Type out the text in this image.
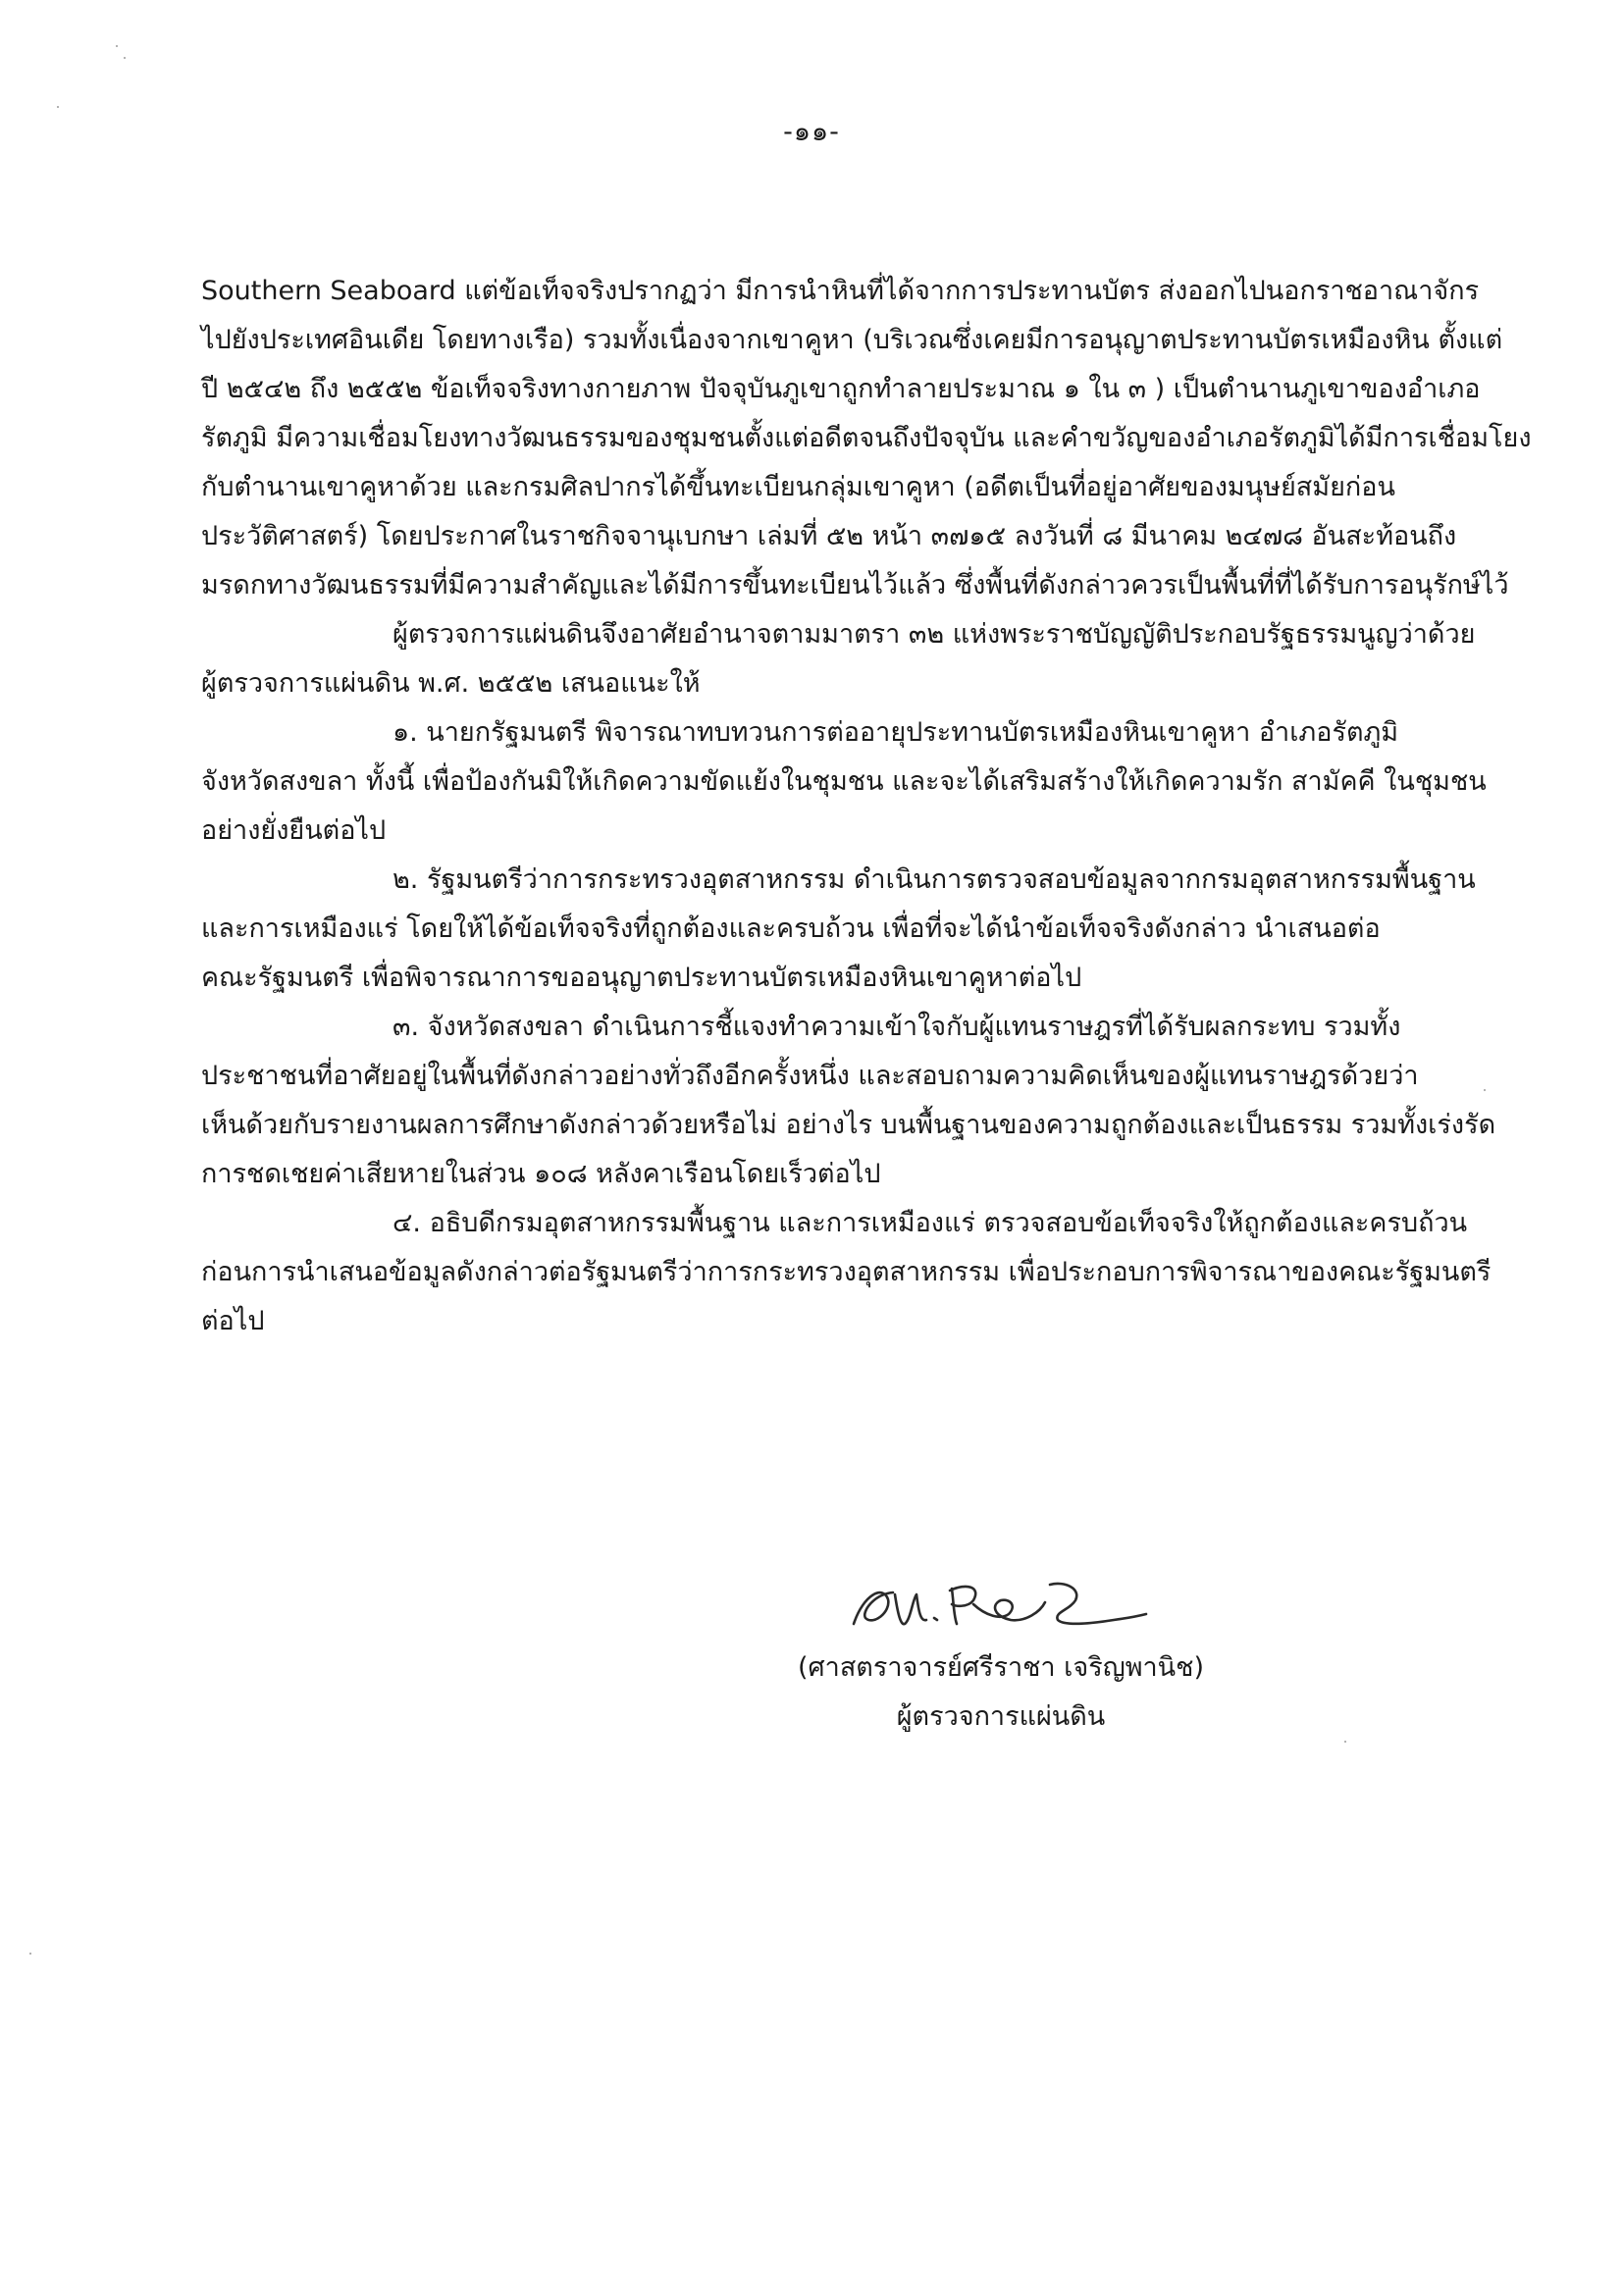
-๑๑-
Southern Seaboard แต่ข้อเท็จจริงปรากฏว่า มีการนำหินที่ได้จากการประทานบัตร ส่งออกไปนอกราชอาณาจักร
ไปยังประเทศอินเดีย โดยทางเรือ) รวมทั้งเนื่องจากเขาคูหา (บริเวณซึ่งเคยมีการอนุญาตประทานบัตรเหมืองหิน ตั้งแต่
ปี ๒๕๔๒ ถึง ๒๕๕๒ ข้อเท็จจริงทางกายภาพ ปัจจุบันภูเขาถูกทำลายประมาณ ๑ ใน ๓ ) เป็นตำนานภูเขาของอำเภอ
รัตภูมิ มีความเชื่อมโยงทางวัฒนธรรมของชุมชนตั้งแต่อดีตจนถึงปัจจุบัน และคำขวัญของอำเภอรัตภูมิได้มีการเชื่อมโยง
กับตำนานเขาคูหาด้วย และกรมศิลปากรได้ขึ้นทะเบียนกลุ่มเขาคูหา (อดีตเป็นที่อยู่อาศัยของมนุษย์สมัยก่อน
ประวัติศาสตร์) โดยประกาศในราชกิจจานุเบกษา เล่มที่ ๕๒ หน้า ๓๗๑๕ ลงวันที่ ๘ มีนาคม ๒๔๗๘ อันสะท้อนถึง
มรดกทางวัฒนธรรมที่มีความสำคัญและได้มีการขึ้นทะเบียนไว้แล้ว ซึ่งพื้นที่ดังกล่าวควรเป็นพื้นที่ที่ได้รับการอนุรักษ์ไว้
ผู้ตรวจการแผ่นดินจึงอาศัยอำนาจตามมาตรา ๓๒ แห่งพระราชบัญญัติประกอบรัฐธรรมนูญว่าด้วย
ผู้ตรวจการแผ่นดิน พ.ศ. ๒๕๕๒ เสนอแนะให้
๑. นายกรัฐมนตรี พิจารณาทบทวนการต่ออายุประทานบัตรเหมืองหินเขาคูหา อำเภอรัตภูมิ
จังหวัดสงขลา ทั้งนี้ เพื่อป้องกันมิให้เกิดความขัดแย้งในชุมชน และจะได้เสริมสร้างให้เกิดความรัก สามัคคี ในชุมชน
อย่างยั่งยืนต่อไป
๒. รัฐมนตรีว่าการกระทรวงอุตสาหกรรม ดำเนินการตรวจสอบข้อมูลจากกรมอุตสาหกรรมพื้นฐาน
และการเหมืองแร่ โดยให้ได้ข้อเท็จจริงที่ถูกต้องและครบถ้วน เพื่อที่จะได้นำข้อเท็จจริงดังกล่าว นำเสนอต่อ
คณะรัฐมนตรี เพื่อพิจารณาการขออนุญาตประทานบัตรเหมืองหินเขาคูหาต่อไป
๓. จังหวัดสงขลา ดำเนินการชี้แจงทำความเข้าใจกับผู้แทนราษฎรที่ได้รับผลกระทบ รวมทั้ง
ประชาชนที่อาศัยอยู่ในพื้นที่ดังกล่าวอย่างทั่วถึงอีกครั้งหนึ่ง และสอบถามความคิดเห็นของผู้แทนราษฎรด้วยว่า
เห็นด้วยกับรายงานผลการศึกษาดังกล่าวด้วยหรือไม่ อย่างไร บนพื้นฐานของความถูกต้องและเป็นธรรม รวมทั้งเร่งรัด
การชดเชยค่าเสียหายในส่วน ๑๐๘ หลังคาเรือนโดยเร็วต่อไป
๔. อธิบดีกรมอุตสาหกรรมพื้นฐาน และการเหมืองแร่ ตรวจสอบข้อเท็จจริงให้ถูกต้องและครบถ้วน
ก่อนการนำเสนอข้อมูลดังกล่าวต่อรัฐมนตรีว่าการกระทรวงอุตสาหกรรม เพื่อประกอบการพิจารณาของคณะรัฐมนตรี
ต่อไป
(ศาสตราจารย์ศรีราชา เจริญพานิช)
ผู้ตรวจการแผ่นดิน
